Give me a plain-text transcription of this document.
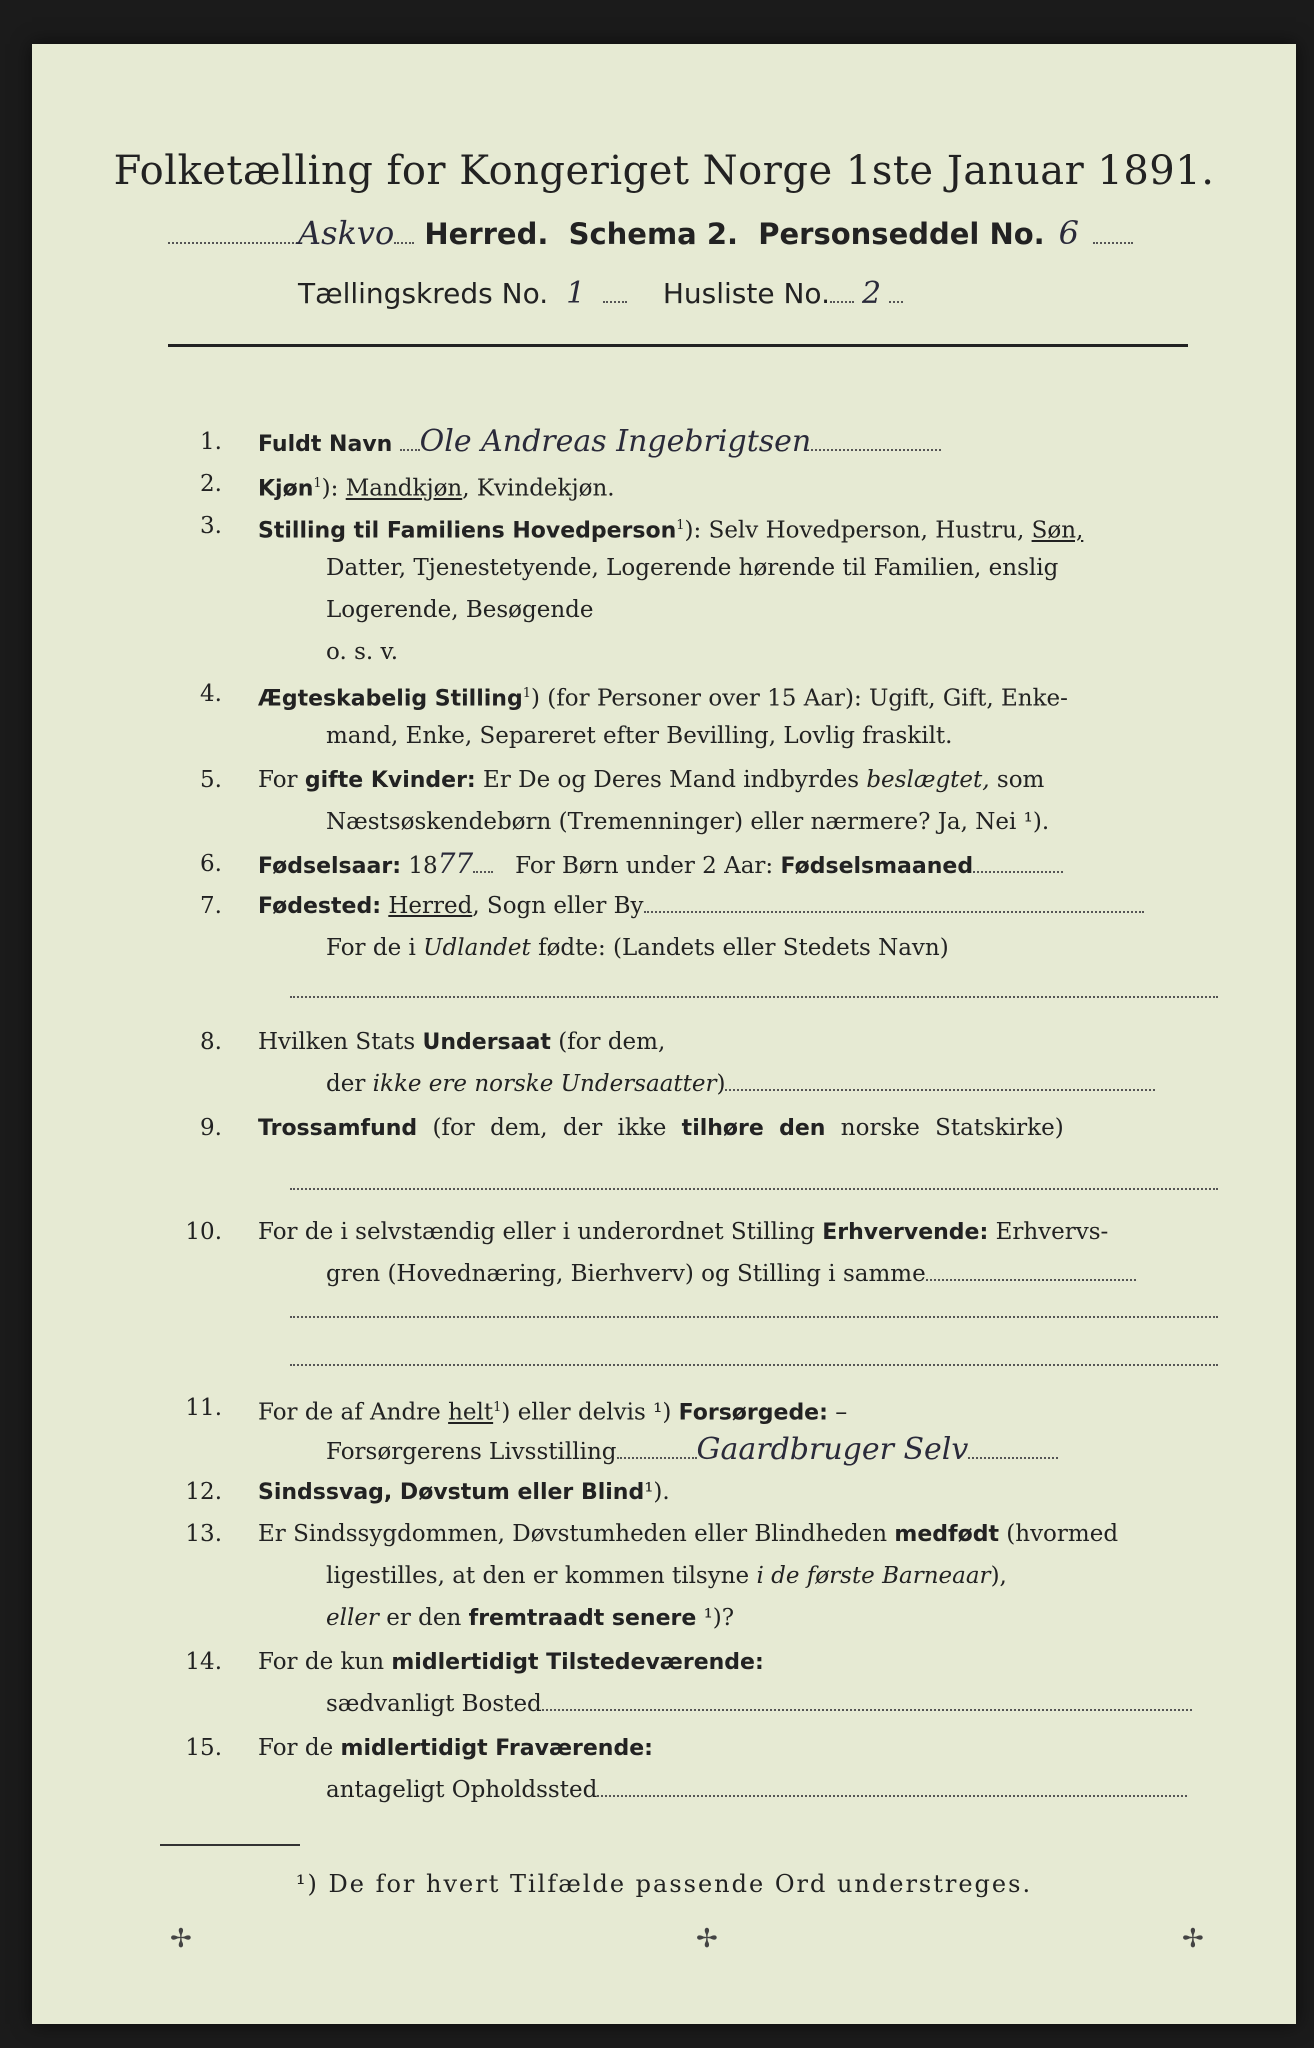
Folketælling for Kongeriget Norge 1ste Januar 1891.
Askvo Herred. Schema 2. Personseddel No. 6
Tællingskreds No. 1	Husliste No. 2
1. Fuldt Navn Ole Andreas Ingebrigtsen
2. Kjøn$^1$): Mandkjøn, Kvindekjøn.
3. Stilling til Familiens Hovedperson$^1$): Selv Hovedperson, Hustru, Søn,
Datter, Tjenestetyende, Logerende hørende til Familien, enslig
Logerende, Besøgende
o. s. v.
4. Ægteskabelig Stilling$^1$) (for Personer over 15 Aar): Ugift, Gift, Enke-
mand, Enke, Separeret efter Bevilling, Lovlig fraskilt.
5. For gifte Kvinder: Er De og Deres Mand indbyrdes beslægtet, som
Næstsøskendebørn (Tremenninger) eller nærmere? Ja, Nei ¹).
6. Fødselsaar: 1877 For Børn under 2 Aar: Fødselsmaaned
7. Fødested: Herred, Sogn eller By
For de i Udlandet fødte: (Landets eller Stedets Navn)
8. Hvilken Stats Undersaat (for dem,
der ikke ere norske Undersaatter)
9. Trossamfund (for dem, der ikke tilhøre den norske Statskirke)
10. For de i selvstændig eller i underordnet Stilling Erhvervende: Erhvervs-
gren (Hovednæring, Bierhverv) og Stilling i samme
11. For de af Andre helt$^1$) eller delvis ¹) Forsørgede: –
Forsørgerens Livsstilling	Gaardbruger Selv
12. Sindssvag, Døvstum eller Blind¹).
13. Er Sindssygdommen, Døvstumheden eller Blindheden medfødt (hvormed
ligestilles, at den er kommen tilsyne i de første Barneaar),
eller er den fremtraadt senere ¹)?
14. For de kun midlertidigt Tilstedeværende:
sædvanligt Bosted
15. For de midlertidigt Fraværende:
antageligt Opholdssted
¹) De for hvert Tilfælde passende Ord understreges.
✢	✢	✢
